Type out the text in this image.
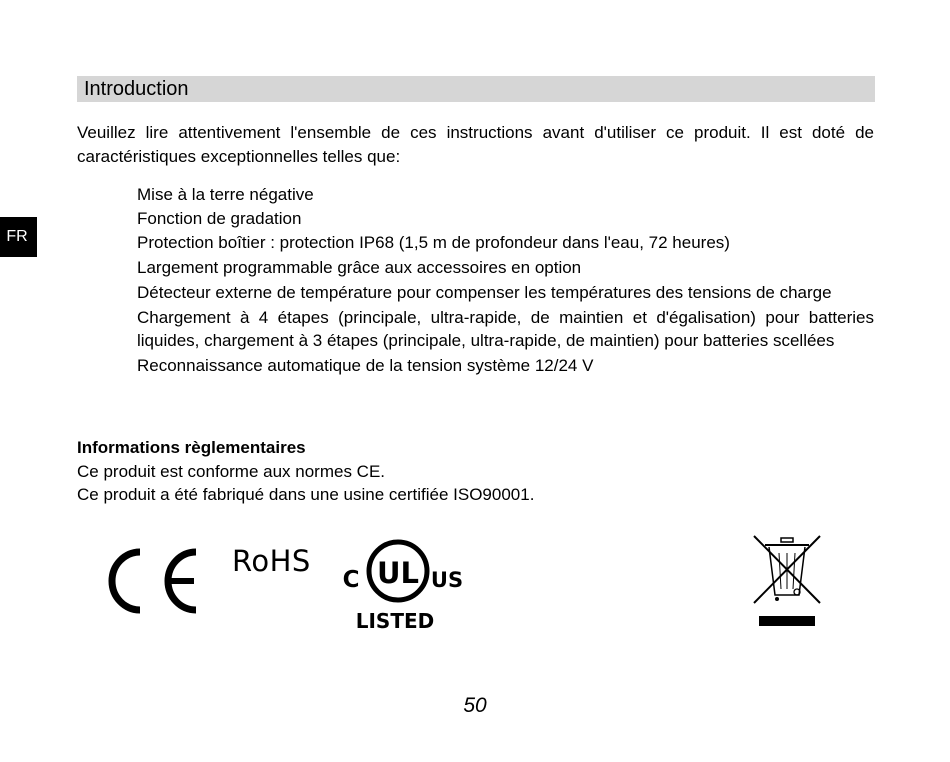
Introduction
FR

Veuillez lire attentivement l'ensemble de ces instructions avant d'utiliser ce produit. Il est doté de caractéristiques exceptionnelles telles que:

Mise à la terre négative
Fonction de gradation
Protection boîtier : protection IP68 (1,5 m de profondeur dans l'eau, 72 heures)
Largement programmable grâce aux accessoires en option
Détecteur externe de température pour compenser les températures des tensions de charge
Chargement à 4 étapes (principale, ultra-rapide, de maintien et d'égalisation) pour batteries liquides, chargement à 3 étapes (principale, ultra-rapide, de maintien) pour batteries scellées
Reconnaissance automatique de la tension système 12/24 V
Informations règlementaires
Ce produit est conforme aux normes CE.
Ce produit a été fabriqué dans une usine certifiée ISO90001.
CE
RoHS
C UL US
LISTED
50
